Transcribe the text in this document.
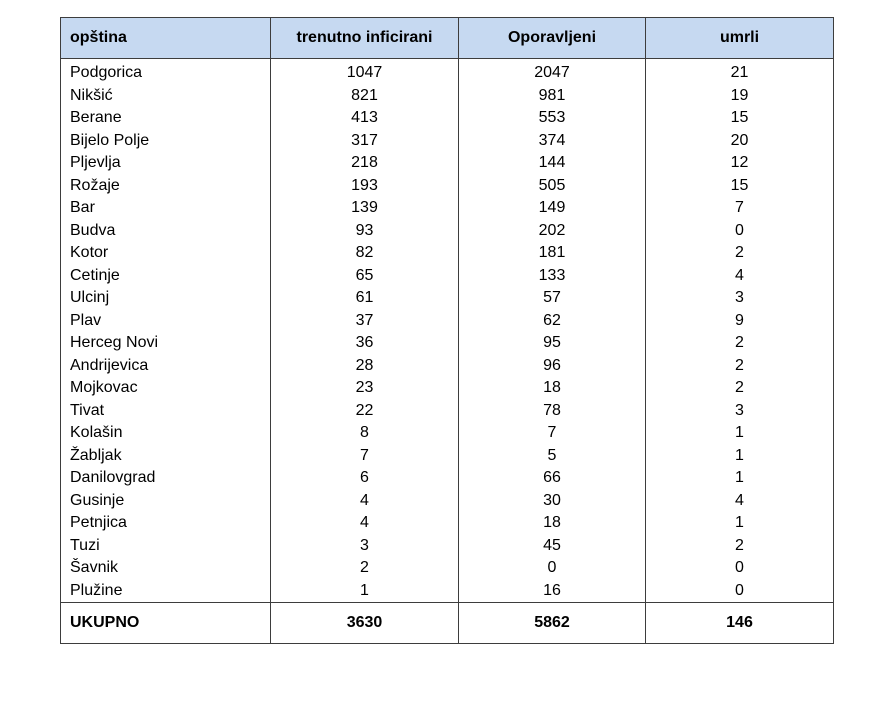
opština	trenutno inficirani	Oporavljeni	umrli
Podgorica	1047	2047	21
Nikšić	821	981	19
Berane	413	553	15
Bijelo Polje	317	374	20
Pljevlja	218	144	12
Rožaje	193	505	15
Bar	139	149	7
Budva	93	202	0
Kotor	82	181	2
Cetinje	65	133	4
Ulcinj	61	57	3
Plav	37	62	9
Herceg Novi	36	95	2
Andrijevica	28	96	2
Mojkovac	23	18	2
Tivat	22	78	3
Kolašin	8	7	1
Žabljak	7	5	1
Danilovgrad	6	66	1
Gusinje	4	30	4
Petnjica	4	18	1
Tuzi	3	45	2
Šavnik	2	0	0
Plužine	1	16	0
UKUPNO	3630	5862	146
